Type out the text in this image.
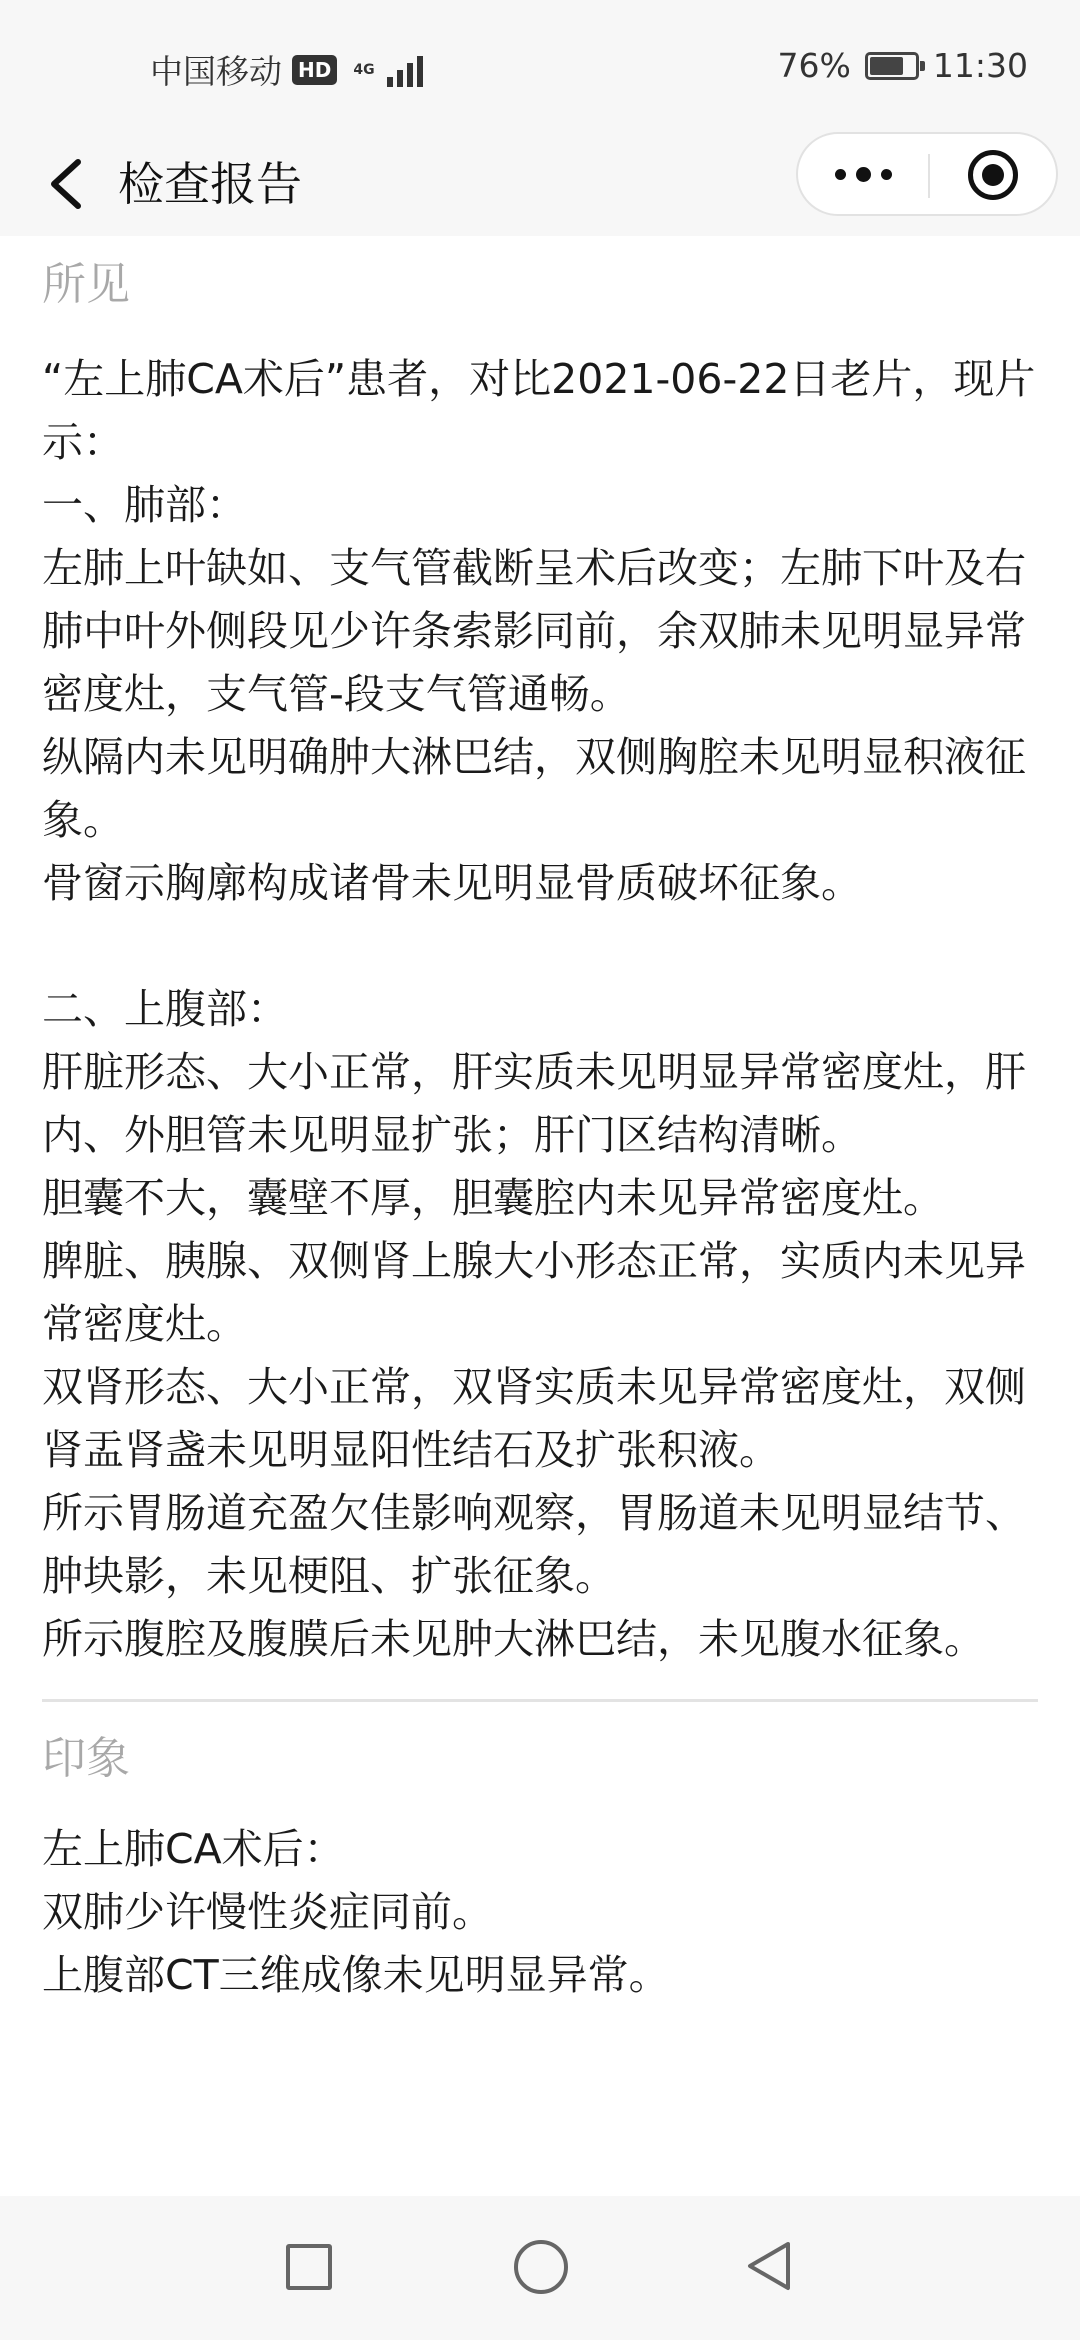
中国移动 HD	4G	76% 11:30
检查报告
所见
“左上肺CA术后”患者，对比2021-06-22日老片，现片示：
一、肺部：
左肺上叶缺如、支气管截断呈术后改变；左肺下叶及右肺中叶外侧段见少许条索影同前，余双肺未见明显异常密度灶，支气管-段支气管通畅。
纵隔内未见明确肿大淋巴结，双侧胸腔未见明显积液征象。
骨窗示胸廓构成诸骨未见明显骨质破坏征象。

二、上腹部：
肝脏形态、大小正常，肝实质未见明显异常密度灶，肝内、外胆管未见明显扩张；肝门区结构清晰。
胆囊不大，囊壁不厚，胆囊腔内未见异常密度灶。
脾脏、胰腺、双侧肾上腺大小形态正常，实质内未见异常密度灶。
双肾形态、大小正常，双肾实质未见异常密度灶，双侧肾盂肾盏未见明显阳性结石及扩张积液。
所示胃肠道充盈欠佳影响观察，胃肠道未见明显结节、肿块影，未见梗阻、扩张征象。
所示腹腔及腹膜后未见肿大淋巴结，未见腹水征象。
印象
左上肺CA术后：
双肺少许慢性炎症同前。
上腹部CT三维成像未见明显异常。
